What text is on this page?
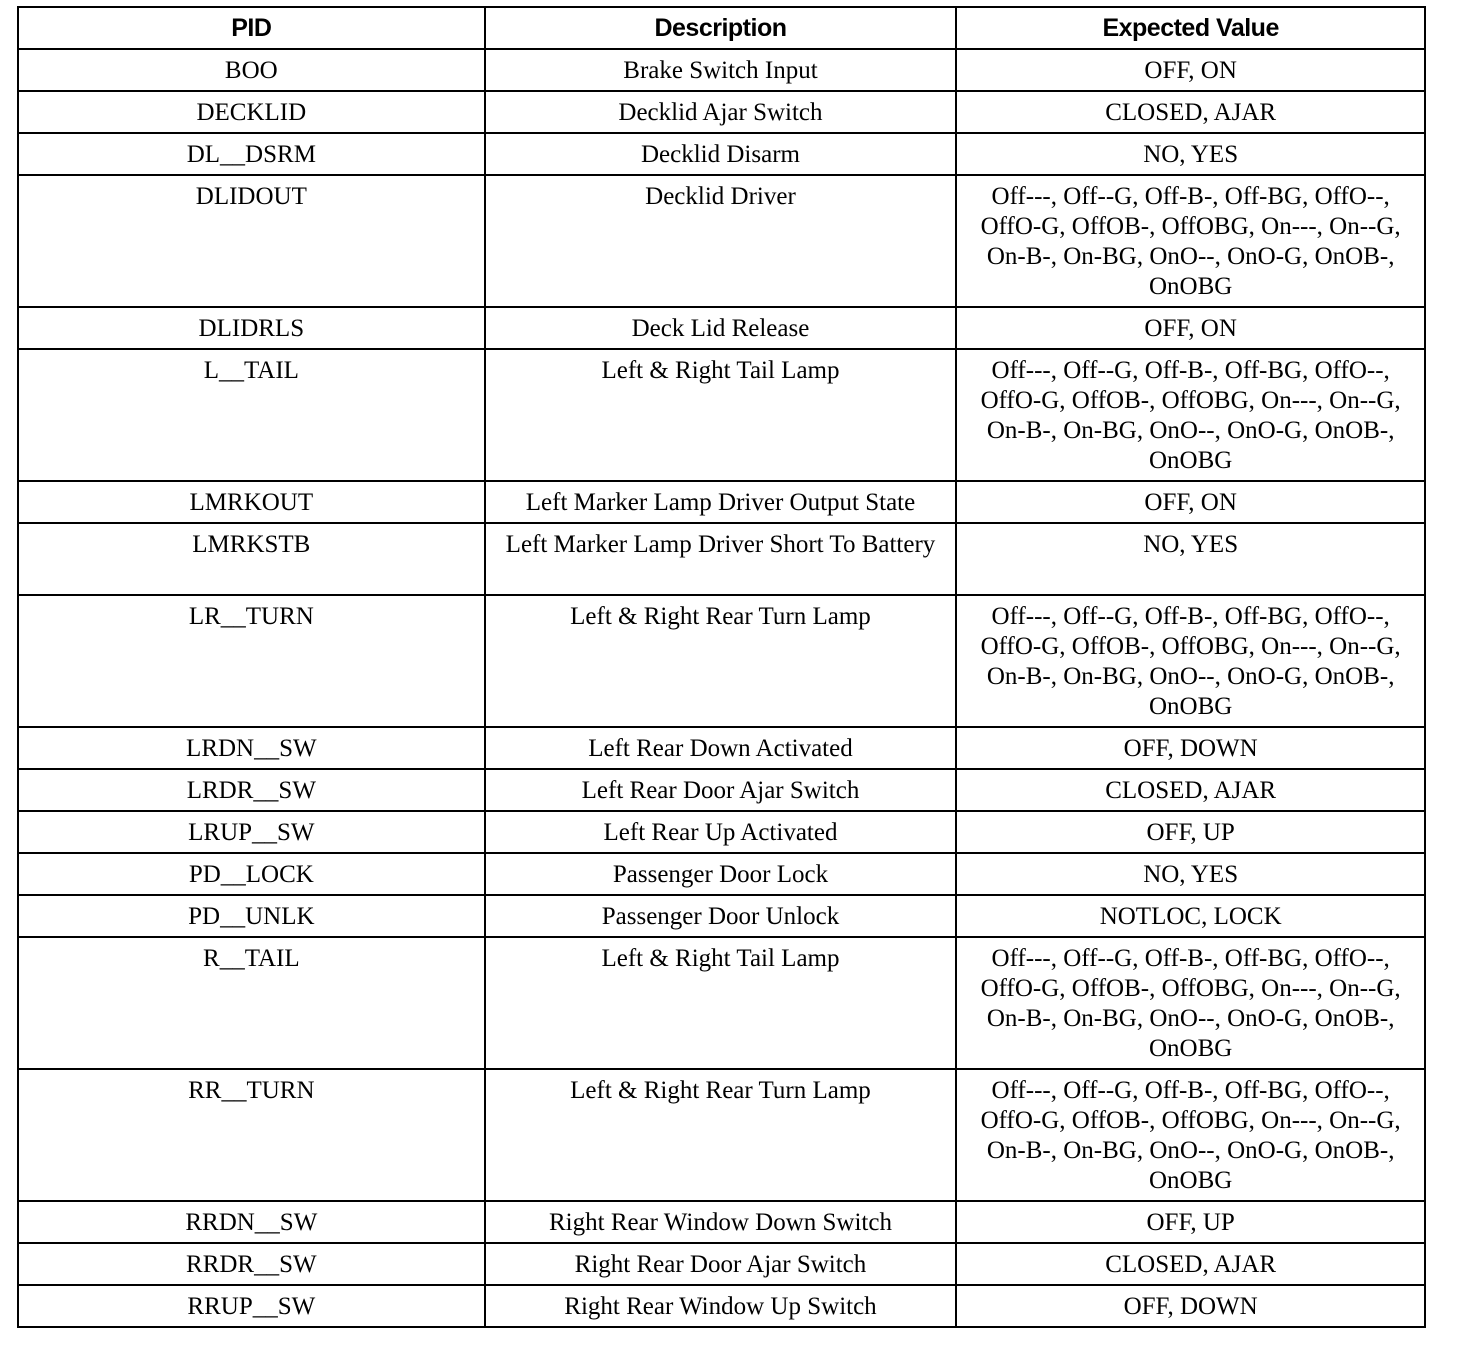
PID	Description	Expected Value
BOO	Brake Switch Input	OFF, ON
DECKLID	Decklid Ajar Switch	CLOSED, AJAR
DL__DSRM	Decklid Disarm	NO, YES
DLIDOUT	Decklid Driver	Off---, Off--G, Off-B-, Off-BG, OffO--, OffO-G, OffOB-, OffOBG, On---, On--G, On-B-, On-BG, OnO--, OnO-G, OnOB-, OnOBG
DLIDRLS	Deck Lid Release	OFF, ON
L__TAIL	Left & Right Tail Lamp	Off---, Off--G, Off-B-, Off-BG, OffO--, OffO-G, OffOB-, OffOBG, On---, On--G, On-B-, On-BG, OnO--, OnO-G, OnOB-, OnOBG
LMRKOUT	Left Marker Lamp Driver Output State	OFF, ON
LMRKSTB	Left Marker Lamp Driver Short To Battery	NO, YES
LR__TURN	Left & Right Rear Turn Lamp	Off---, Off--G, Off-B-, Off-BG, OffO--, OffO-G, OffOB-, OffOBG, On---, On--G, On-B-, On-BG, OnO--, OnO-G, OnOB-, OnOBG
LRDN__SW	Left Rear Down Activated	OFF, DOWN
LRDR__SW	Left Rear Door Ajar Switch	CLOSED, AJAR
LRUP__SW	Left Rear Up Activated	OFF, UP
PD__LOCK	Passenger Door Lock	NO, YES
PD__UNLK	Passenger Door Unlock	NOTLOC, LOCK
R__TAIL	Left & Right Tail Lamp	Off---, Off--G, Off-B-, Off-BG, OffO--, OffO-G, OffOB-, OffOBG, On---, On--G, On-B-, On-BG, OnO--, OnO-G, OnOB-, OnOBG
RR__TURN	Left & Right Rear Turn Lamp	Off---, Off--G, Off-B-, Off-BG, OffO--, OffO-G, OffOB-, OffOBG, On---, On--G, On-B-, On-BG, OnO--, OnO-G, OnOB-, OnOBG
RRDN__SW	Right Rear Window Down Switch	OFF, UP
RRDR__SW	Right Rear Door Ajar Switch	CLOSED, AJAR
RRUP__SW	Right Rear Window Up Switch	OFF, DOWN
